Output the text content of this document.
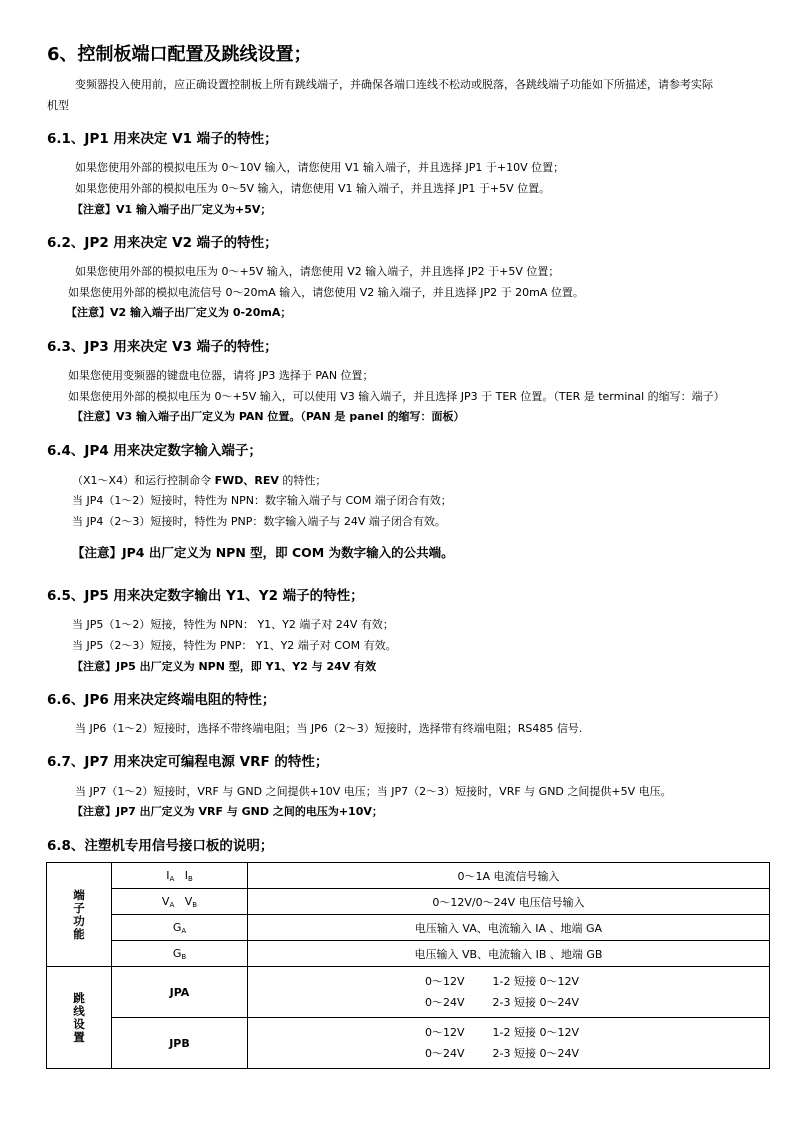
6、控制板端口配置及跳线设置；
变频器投入使用前，应正确设置控制板上所有跳线端子，并确保各端口连线不松动或脱落，各跳线端子功能如下所描述，请参考实际
机型
6.1、JP1 用来决定 V1 端子的特性；
如果您使用外部的模拟电压为 0～10V 输入，请您使用 V1 输入端子，并且选择 JP1 于+10V 位置；
如果您使用外部的模拟电压为 0～5V 输入，请您使用 V1 输入端子，并且选择 JP1 于+5V 位置。
【注意】V1 输入端子出厂定义为+5V；
6.2、JP2 用来决定 V2 端子的特性；
如果您使用外部的模拟电压为 0～+5V 输入，请您使用 V2 输入端子，并且选择 JP2 于+5V 位置；
如果您使用外部的模拟电流信号 0～20mA 输入，请您使用 V2 输入端子，并且选择 JP2 于 20mA 位置。
【注意】V2 输入端子出厂定义为 0-20mA；
6.3、JP3 用来决定 V3 端子的特性；
如果您使用变频器的键盘电位器，请将 JP3 选择于 PAN 位置；
如果您使用外部的模拟电压为 0～+5V 输入，可以使用 V3 输入端子，并且选择 JP3 于 TER 位置。（TER 是 terminal 的缩写：端子）
【注意】V3 输入端子出厂定义为 PAN 位置。（PAN 是 panel 的缩写：面板）
6.4、JP4 用来决定数字输入端子；
（X1～X4）和运行控制命令 FWD、REV 的特性；
当 JP4（1～2）短接时，特性为 NPN：数字输入端子与 COM 端子闭合有效；
当 JP4（2～3）短接时，特性为 PNP：数字输入端子与 24V 端子闭合有效。
【注意】JP4 出厂定义为 NPN 型，即 COM 为数字输入的公共端。
6.5、JP5 用来决定数字输出 Y1、Y2 端子的特性；
当 JP5（1～2）短接，特性为 NPN： Y1、Y2 端子对 24V 有效；
当 JP5（2～3）短接，特性为 PNP： Y1、Y2 端子对 COM 有效。
【注意】JP5 出厂定义为 NPN 型，即 Y1、Y2 与 24V 有效
6.6、JP6 用来决定终端电阻的特性；
当 JP6（1～2）短接时，选择不带终端电阻；当 JP6（2～3）短接时，选择带有终端电阻；RS485 信号.
6.7、JP7 用来决定可编程电源 VRF 的特性；
当 JP7（1～2）短接时，VRF 与 GND 之间提供+10V 电压；当 JP7（2～3）短接时，VRF 与 GND 之间提供+5V 电压。
【注意】JP7 出厂定义为 VRF 与 GND 之间的电压为+10V；
6.8、注塑机专用信号接口板的说明；
端
子
功
能	$I_A$ $I_B$	0～1A 电流信号输入
	$V_A$ $V_B$	0～12V/0～24V 电压信号输入
	$G_A$	电压输入 VA、电流输入 IA 、地端 GA
	$G_B$	电压输入 VB、电流输入 IB 、地端 GB

跳
线
设
置	JPA	0～12V 1-2 短接 0～12V
0～24V 2-3 短接 0～24V

	JPB	0～12V 1-2 短接 0～12V
0～24V 2-3 短接 0～24V
